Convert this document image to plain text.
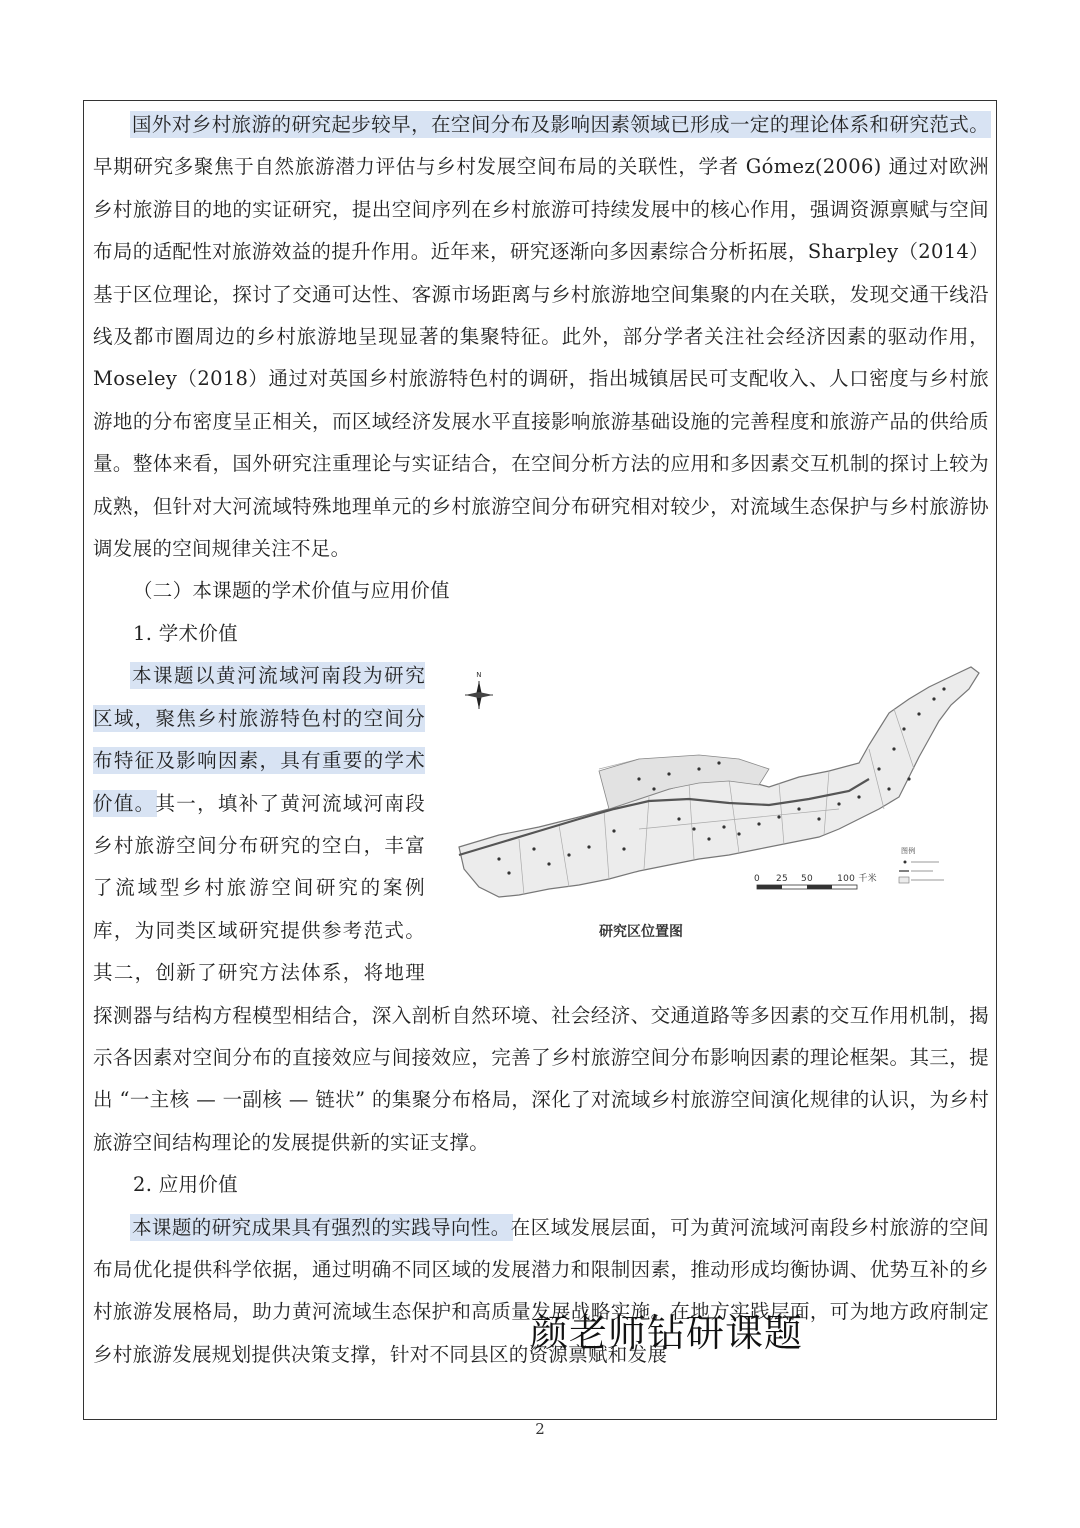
国外对乡村旅游的研究起步较早，在空间分布及影响因素领域已形成一定的理论体系和研究范式。早期研究多聚焦于自然旅游潜力评估与乡村发展空间布局的关联性，学者 Gómez(2006) 通过对欧洲乡村旅游目的地的实证研究，提出空间序列在乡村旅游可持续发展中的核心作用，强调资源禀赋与空间布局的适配性对旅游效益的提升作用。近年来，研究逐渐向多因素综合分析拓展，Sharpley（2014）基于区位理论，探讨了交通可达性、客源市场距离与乡村旅游地空间集聚的内在关联，发现交通干线沿线及都市圈周边的乡村旅游地呈现显著的集聚特征。此外，部分学者关注社会经济因素的驱动作用，Moseley（2018）通过对英国乡村旅游特色村的调研，指出城镇居民可支配收入、人口密度与乡村旅游地的分布密度呈正相关，而区域经济发展水平直接影响旅游基础设施的完善程度和旅游产品的供给质量。整体来看，国外研究注重理论与实证结合，在空间分析方法的应用和多因素交互机制的探讨上较为成熟，但针对大河流域特殊地理单元的乡村旅游空间分布研究相对较少，对流域生态保护与乡村旅游协调发展的空间规律关注不足。

（二）本课题的学术价值与应用价值

1. 学术价值

N
0 25 50	100 千米
图例
研究区位置图

本课题以黄河流域河南段为研究区域，聚焦乡村旅游特色村的空间分布特征及影响因素，具有重要的学术价值。其一，填补了黄河流域河南段乡村旅游空间分布研究的空白，丰富了流域型乡村旅游空间研究的案例库，为同类区域研究提供参考范式。其二，创新了研究方法体系，将地理探测器与结构方程模型相结合，深入剖析自然环境、社会经济、交通道路等多因素的交互作用机制，揭示各因素对空间分布的直接效应与间接效应，完善了乡村旅游空间分布影响因素的理论框架。其三，提出 “一主核 — 一副核 — 链状” 的集聚分布格局，深化了对流域乡村旅游空间演化规律的认识，为乡村旅游空间结构理论的发展提供新的实证支撑。

2. 应用价值

本课题的研究成果具有强烈的实践导向性。在区域发展层面，可为黄河流域河南段乡村旅游的空间布局优化提供科学依据，通过明确不同区域的发展潜力和限制因素，推动形成均衡协调、优势互补的乡村旅游发展格局，助力黄河流域生态保护和高质量发展战略实施。在地方实践层面，可为地方政府制定乡村旅游发展规划提供决策支撑，针对不同县区的资源禀赋和发展

颜老师钻研课题
2
